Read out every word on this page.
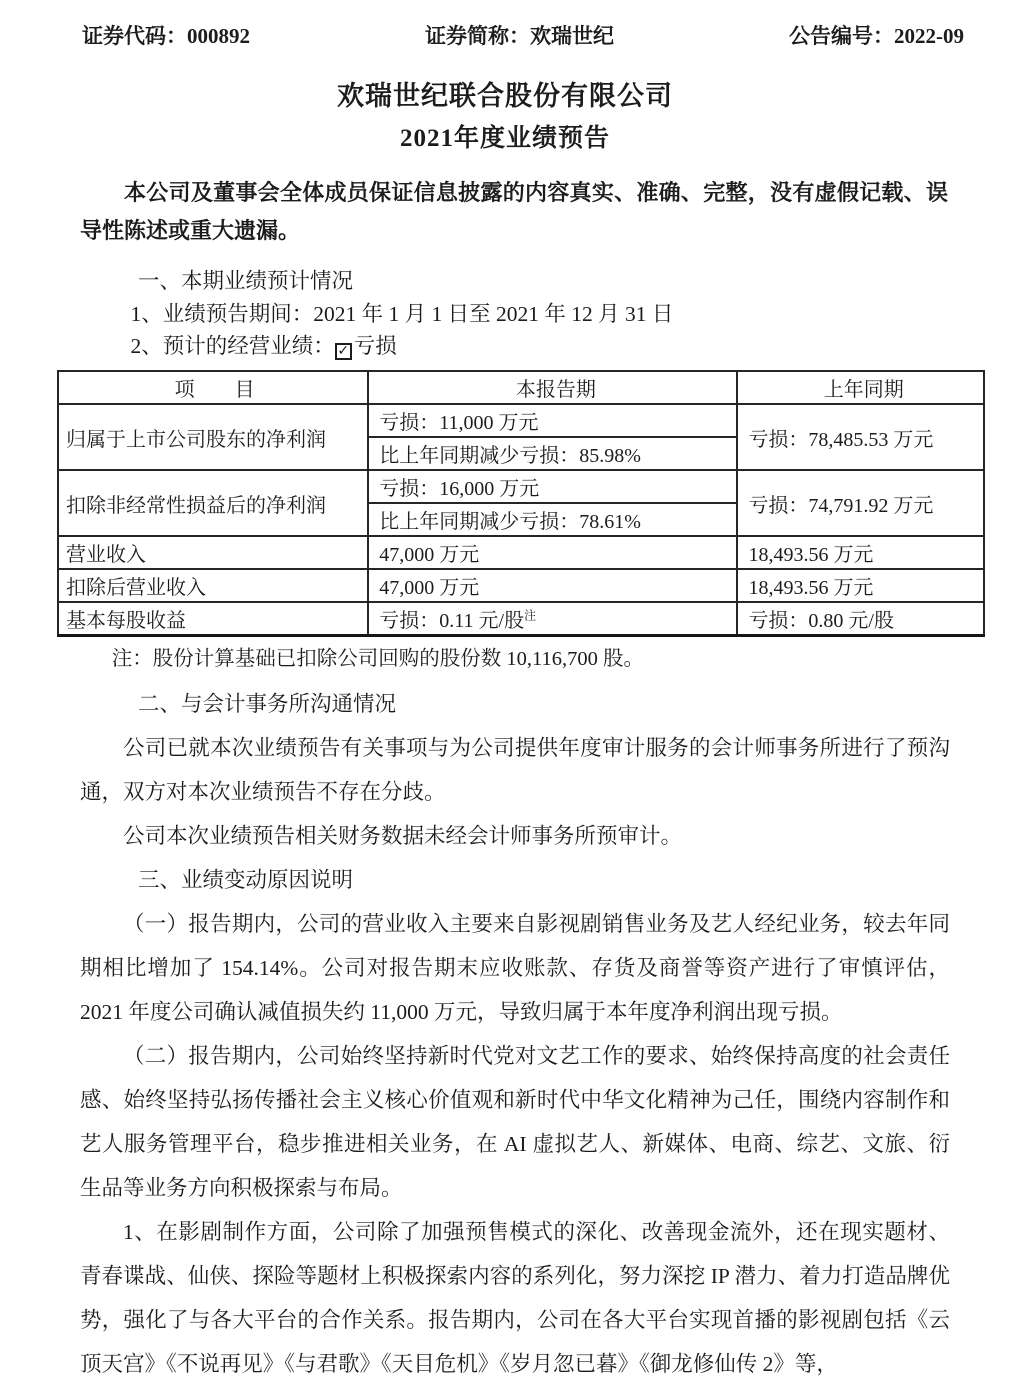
证券代码：000892	证券简称：欢瑞世纪	公告编号：2022-09
欢瑞世纪联合股份有限公司
2021年度业绩预告

本公司及董事会全体成员保证信息披露的内容真实、准确、完整，没有虚假记载、误导性陈述或重大遗漏。

一、本期业绩预计情况

1、业绩预告期间：2021 年 1 月 1 日至 2021 年 12 月 31 日

2、预计的经营业绩： ✓ 亏损

项　　目	本报告期	上年同期
归属于上市公司股东的净利润	亏损：11,000 万元	亏损：78,485.53 万元
	比上年同期减少亏损：85.98%	
扣除非经常性损益后的净利润	亏损：16,000 万元	亏损：74,791.92 万元
	比上年同期减少亏损：78.61%	
营业收入	47,000 万元	18,493.56 万元
扣除后营业收入	47,000 万元	18,493.56 万元
基本每股收益	亏损：0.11 元/股$^注$	亏损：0.80 元/股

注：股份计算基础已扣除公司回购的股份数 10,116,700 股。

二、与会计事务所沟通情况

公司已就本次业绩预告有关事项与为公司提供年度审计服务的会计师事务所进行了预沟通，双方对本次业绩预告不存在分歧。

公司本次业绩预告相关财务数据未经会计师事务所预审计。

三、业绩变动原因说明

（一）报告期内，公司的营业收入主要来自影视剧销售业务及艺人经纪业务，较去年同期相比增加了 154.14%。公司对报告期末应收账款、存货及商誉等资产进行了审慎评估，2021 年度公司确认减值损失约 11,000 万元，导致归属于本年度净利润出现亏损。

（二）报告期内，公司始终坚持新时代党对文艺工作的要求、始终保持高度的社会责任感、始终坚持弘扬传播社会主义核心价值观和新时代中华文化精神为己任，围绕内容制作和艺人服务管理平台，稳步推进相关业务，在 AI 虚拟艺人、新媒体、电商、综艺、文旅、衍生品等业务方向积极探索与布局。

1、在影剧制作方面，公司除了加强预售模式的深化、改善现金流外，还在现实题材、青春谍战、仙侠、探险等题材上积极探索内容的系列化，努力深挖 IP 潜力、着力打造品牌优势，强化了与各大平台的合作关系。报告期内，公司在各大平台实现首播的影视剧包括《云顶天宫》《不说再见》《与君歌》《天目危机》《岁月忽已暮》《御龙修仙传 2》等，
